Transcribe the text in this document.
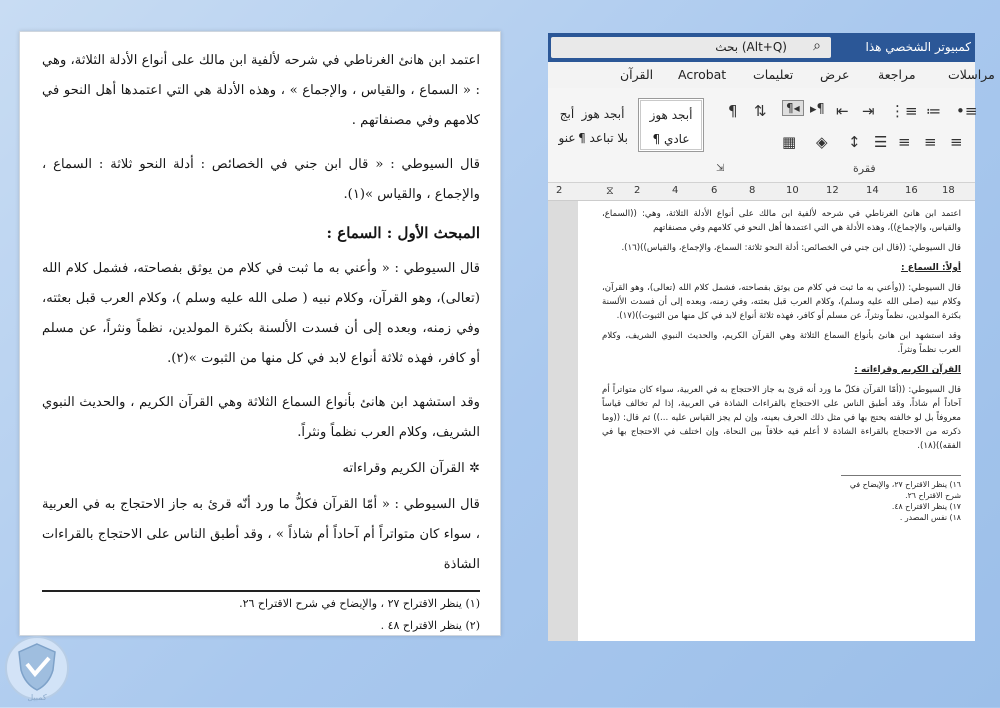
اعتمد ابن هانئ الغرناطي في شرحه لألفية ابن مالك على أنواع الأدلة الثلاثة، وهي : « السماع ، والقياس ، والإجماع » ، وهذه الأدلة هي التي اعتمدها أهل النحو في كلامهم وفي مصنفاتهم .

قال السيوطي : « قال ابن جني في الخصائص : أدلة النحو ثلاثة : السماع ، والإجماع ، والقياس »(١).

المبحث الأول : السماع :

قال السيوطي : « وأعني به ما ثبت في كلام من يوثق بفصاحته، فشمل كلام الله (تعالى)، وهو القرآن، وكلام نبيه ( صلى الله عليه وسلم )، وكلام العرب قبل بعثته، وفي زمنه، وبعده إلى أن فسدت الألسنة بكثرة المولدين، نظماً ونثراً، عن مسلم أو كافر، فهذه ثلاثة أنواع لابد في كل منها من الثبوت »(٢).

وقد استشهد ابن هانئ بأنواع السماع الثلاثة وهي القرآن الكريم ، والحديث النبوي الشريف، وكلام العرب نظماً ونثراً.

✲ القرآن الكريم وقراءاته

قال السيوطي : « أمّا القرآن فكلُّ ما ورد أنّه قرئ به جاز الاحتجاج به في العربية ، سواء كان متواتراً أم آحاداً أم شاذاً » ، وقد أطبق الناس على الاحتجاج بالقراءات الشاذة

(١) ينظر الاقتراح ٢٧ ، والإيضاح في شرح الاقتراح ٢٦.
(٢) ينظر الاقتراح ٤٨ .
بحث (Alt+Q) ⌕	كمبيوتر الشخصي هذا
القرآن Acrobat تعليمات عرض مراجعة	مراسلات
أبجد هوز
¶ عادي
أبجد هوز
¶ بلا تباعد
أبج
عنو
¶ ⇅	¶◂ ▸¶ ⇤ ⇥ ⋮≡ ≔ •≡
▦ ◈ ↕ ☰ ≡ ≡ ≡
⇲	فقرة
2	⧖ 2	4	6	8	10	12	14	16 18

اعتمد ابن هانئ الغرناطي في شرحه لألفية ابن مالك على أنواع الأدلة الثلاثة، وهي: ((السماع، والقياس، والإجماع))، وهذه الأدلة هي التي اعتمدها أهل النحو في كلامهم وفي مصنفاتهم

قال السيوطي: ((قال ابن جني في الخصائص: أدلة النحو ثلاثة: السماع، والإجماع، والقياس))(١٦).

أولاً: السماع :

قال السيوطي: ((وأعني به ما ثبت في كلام من يوثق بفصاحته، فشمل كلام الله (تعالى)، وهو القرآن، وكلام نبيه (صلى الله عليه وسلم)، وكلام العرب قبل بعثته، وفي زمنه، وبعده إلى أن فسدت الألسنة بكثرة المولدين، نظماً ونثراً، عن مسلم أو كافر، فهذه ثلاثة أنواع لابد في كل منها من الثبوت))(١٧).

وقد استشهد ابن هانئ بأنواع السماع الثلاثة وهي القرآن الكريم، والحديث النبوي الشريف، وكلام العرب نظماً ونثراً.

القرآن الكريم وقراءاته :

قال السيوطي: ((أمّا القرآن فكلّ ما ورد أنه قرئ به جاز الاحتجاج به في العربية، سواء كان متواتراً أم آحاداً أم شاذاً، وقد أطبق الناس على الاحتجاج بالقراءات الشاذة في العربية، إذا لم تخالف قياساً معروفاً بل لو خالفته يحتج بها في مثل ذلك الحرف بعينه، وإن لم يجز القياس عليه ...)) ثم قال: ((وما ذكرته من الاحتجاج بالقراءة الشاذة لا أعلم فيه خلافاً بين النحاة، وإن اختلف في الاحتجاج بها في الفقه))(١٨).

١٦) ينظر الاقتراح ٢٧، والإيضاح في شرح الاقتراح ٢٦.
١٧) ينظر الاقتراح ٤٨.
١٨) نفس المصدر .
كمبيل
